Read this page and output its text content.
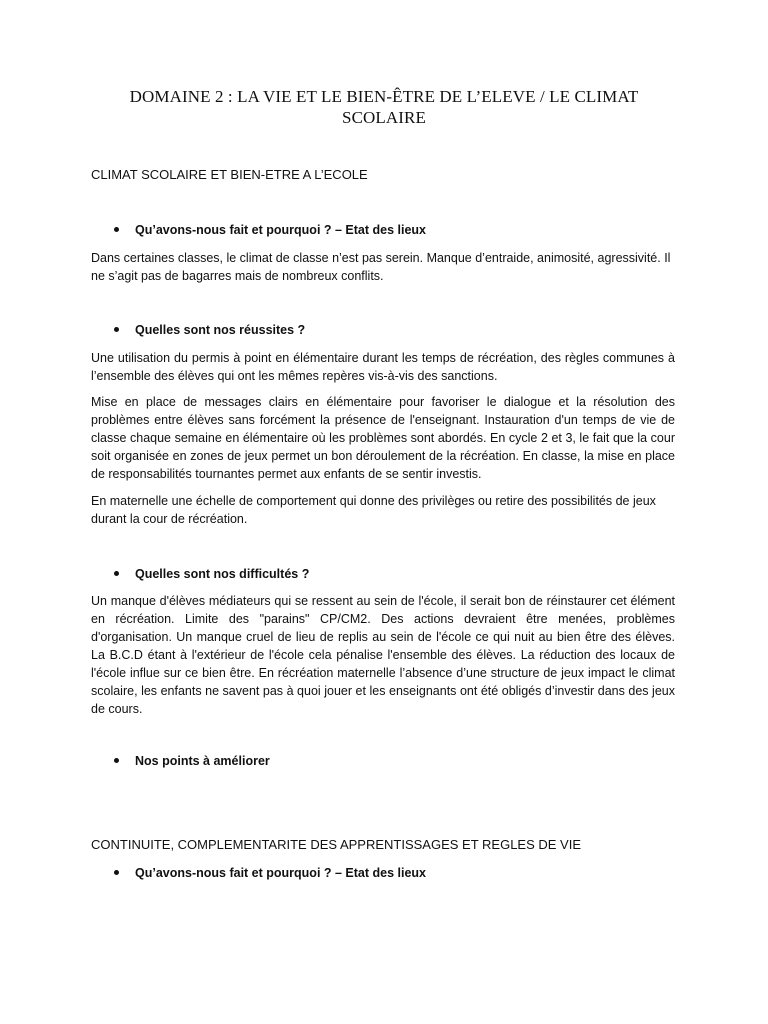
DOMAINE 2 : LA VIE ET LE BIEN-ÊTRE DE L’ELEVE / LE CLIMAT
SCOLAIRE
CLIMAT SCOLAIRE ET BIEN-ETRE A L’ECOLE
Qu’avons-nous fait et pourquoi ? – Etat des lieux

Dans certaines classes, le climat de classe n’est pas serein. Manque d’entraide, animosité, agressivité. Il ne s’agit pas de bagarres mais de nombreux conflits.

Quelles sont nos réussites ?

Une utilisation du permis à point en élémentaire durant les temps de récréation, des règles communes à l’ensemble des élèves qui ont les mêmes repères vis-à-vis des sanctions.

Mise en place de messages clairs en élémentaire pour favoriser le dialogue et la résolution des problèmes entre élèves sans forcément la présence de l'enseignant. Instauration d'un temps de vie de classe chaque semaine en élémentaire où les problèmes sont abordés. En cycle 2 et 3, le fait que la cour soit organisée en zones de jeux permet un bon déroulement de la récréation. En classe, la mise en place de responsabilités tournantes permet aux enfants de se sentir investis.

En maternelle une échelle de comportement qui donne des privilèges ou retire des possibilités de jeux durant la cour de récréation.

Quelles sont nos difficultés ?

Un manque d'élèves médiateurs qui se ressent au sein de l'école, il serait bon de réinstaurer cet élément en récréation. Limite des "parains" CP/CM2. Des actions devraient être menées, problèmes d'organisation. Un manque cruel de lieu de replis au sein de l'école ce qui nuit au bien être des élèves. La B.C.D étant à l'extérieur de l'école cela pénalise l'ensemble des élèves. La réduction des locaux de l'école influe sur ce bien être. En récréation maternelle l’absence d’une structure de jeux impact le climat scolaire, les enfants ne savent pas à quoi jouer et les enseignants ont été obligés d’investir dans des jeux de cours.

Nos points à améliorer
CONTINUITE, COMPLEMENTARITE DES APPRENTISSAGES ET REGLES DE VIE
Qu’avons-nous fait et pourquoi ? – Etat des lieux
